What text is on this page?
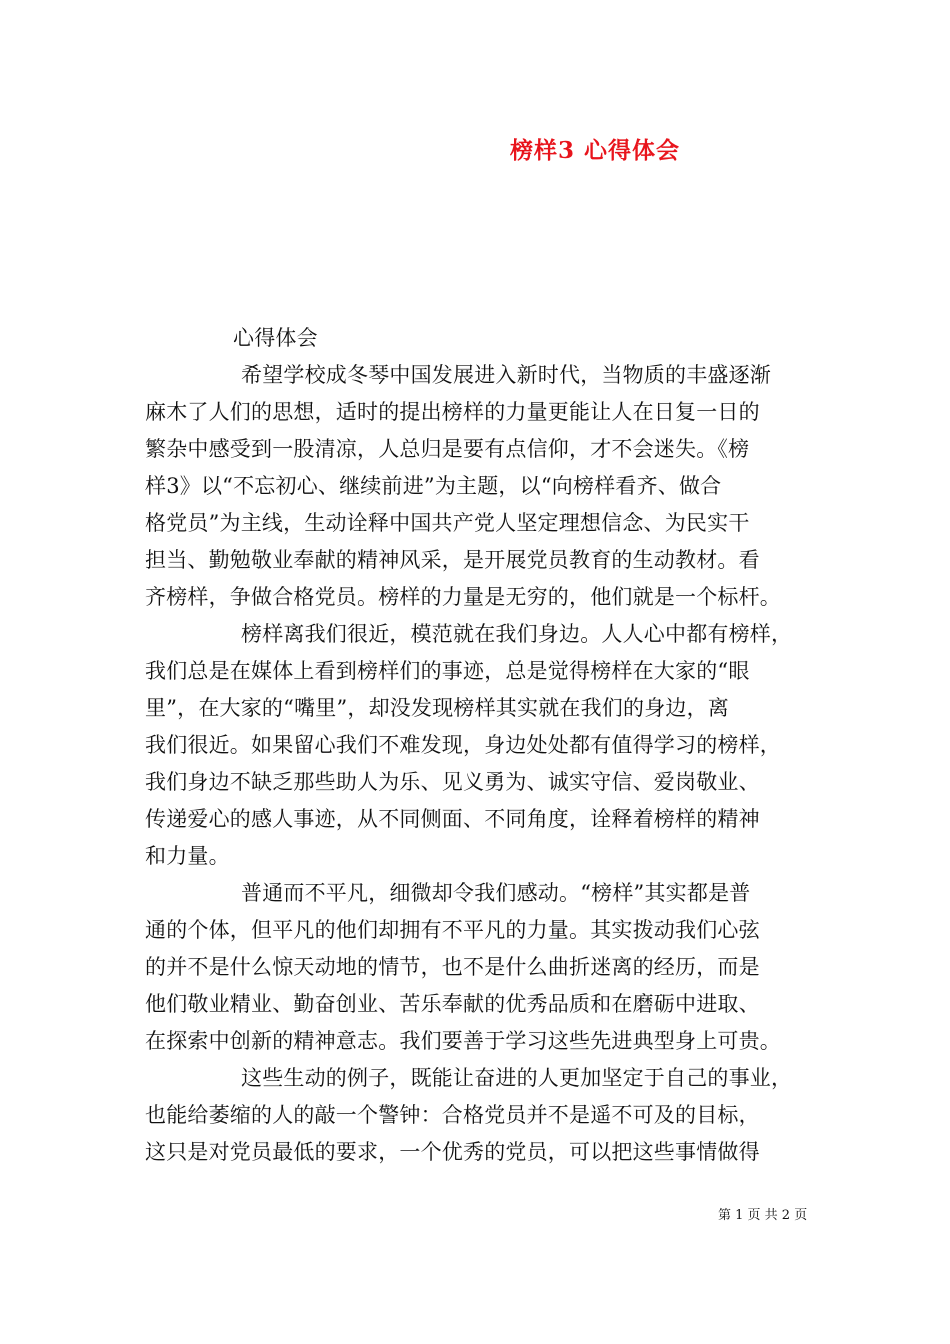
榜样3 心得体会
心得体会
希望学校成冬琴中国发展进入新时代，当物质的丰盛逐渐
麻木了人们的思想，适时的提出榜样的力量更能让人在日复一日的
繁杂中感受到一股清凉，人总归是要有点信仰，才不会迷失。《榜
样3》以“不忘初心、继续前进”为主题，以“向榜样看齐、做合
格党员”为主线，生动诠释中国共产党人坚定理想信念、为民实干
担当、勤勉敬业奉献的精神风采，是开展党员教育的生动教材。看
齐榜样，争做合格党员。榜样的力量是无穷的，他们就是一个标杆。
榜样离我们很近，模范就在我们身边。人人心中都有榜样，
我们总是在媒体上看到榜样们的事迹，总是觉得榜样在大家的“眼
里”，在大家的“嘴里”，却没发现榜样其实就在我们的身边，离
我们很近。如果留心我们不难发现，身边处处都有值得学习的榜样，
我们身边不缺乏那些助人为乐、见义勇为、诚实守信、爱岗敬业、
传递爱心的感人事迹，从不同侧面、不同角度，诠释着榜样的精神
和力量。
普通而不平凡，细微却令我们感动。“榜样”其实都是普
通的个体，但平凡的他们却拥有不平凡的力量。其实拨动我们心弦
的并不是什么惊天动地的情节，也不是什么曲折迷离的经历，而是
他们敬业精业、勤奋创业、苦乐奉献的优秀品质和在磨砺中进取、
在探索中创新的精神意志。我们要善于学习这些先进典型身上可贵。
这些生动的例子，既能让奋进的人更加坚定于自己的事业，
也能给萎缩的人的敲一个警钟：合格党员并不是遥不可及的目标，
这只是对党员最低的要求，一个优秀的党员，可以把这些事情做得
第 1 页 共 2 页
